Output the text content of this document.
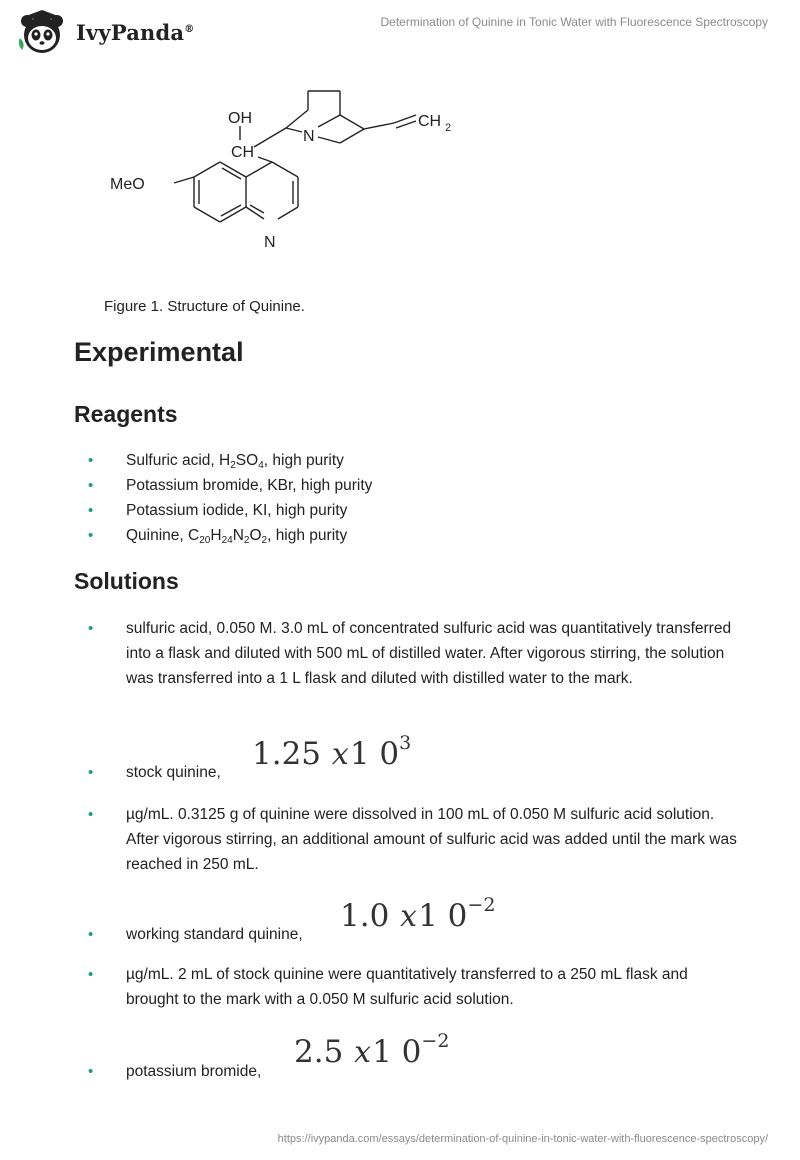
IvyPanda®	Determination of Quinine in Tonic Water with Fluorescence Spectroscopy
OH
CH
N
CH 2
MeO
N
Figure 1. Structure of Quinine.
Experimental
Reagents
• Sulfuric acid, $H_2SO_4$, high purity
• Potassium bromide, KBr, high purity
• Potassium iodide, KI, high purity
• Quinine, $C_{20}H_{24}N_2O_2$, high purity
Solutions
• sulfuric acid, 0.050 M. 3.0 mL of concentrated sulfuric acid was quantitatively transferred into a flask and diluted with 500 mL of distilled water. After vigorous stirring, the solution was transferred into a 1 L flask and diluted with distilled water to the mark.
• stock quinine,
1.25 x1 $0^3$
• µg/mL. 0.3125 g of quinine were dissolved in 100 mL of 0.050 M sulfuric acid solution. After vigorous stirring, an additional amount of sulfuric acid was added until the mark was reached in 250 mL.
• working standard quinine,
1.0 x1 $0^{-2}$
• µg/mL. 2 mL of stock quinine were quantitatively transferred to a 250 mL flask and brought to the mark with a 0.050 M sulfuric acid solution.
• potassium bromide,
2.5 x1 $0^{-2}$
https://ivypanda.com/essays/determination-of-quinine-in-tonic-water-with-fluorescence-spectroscopy/
